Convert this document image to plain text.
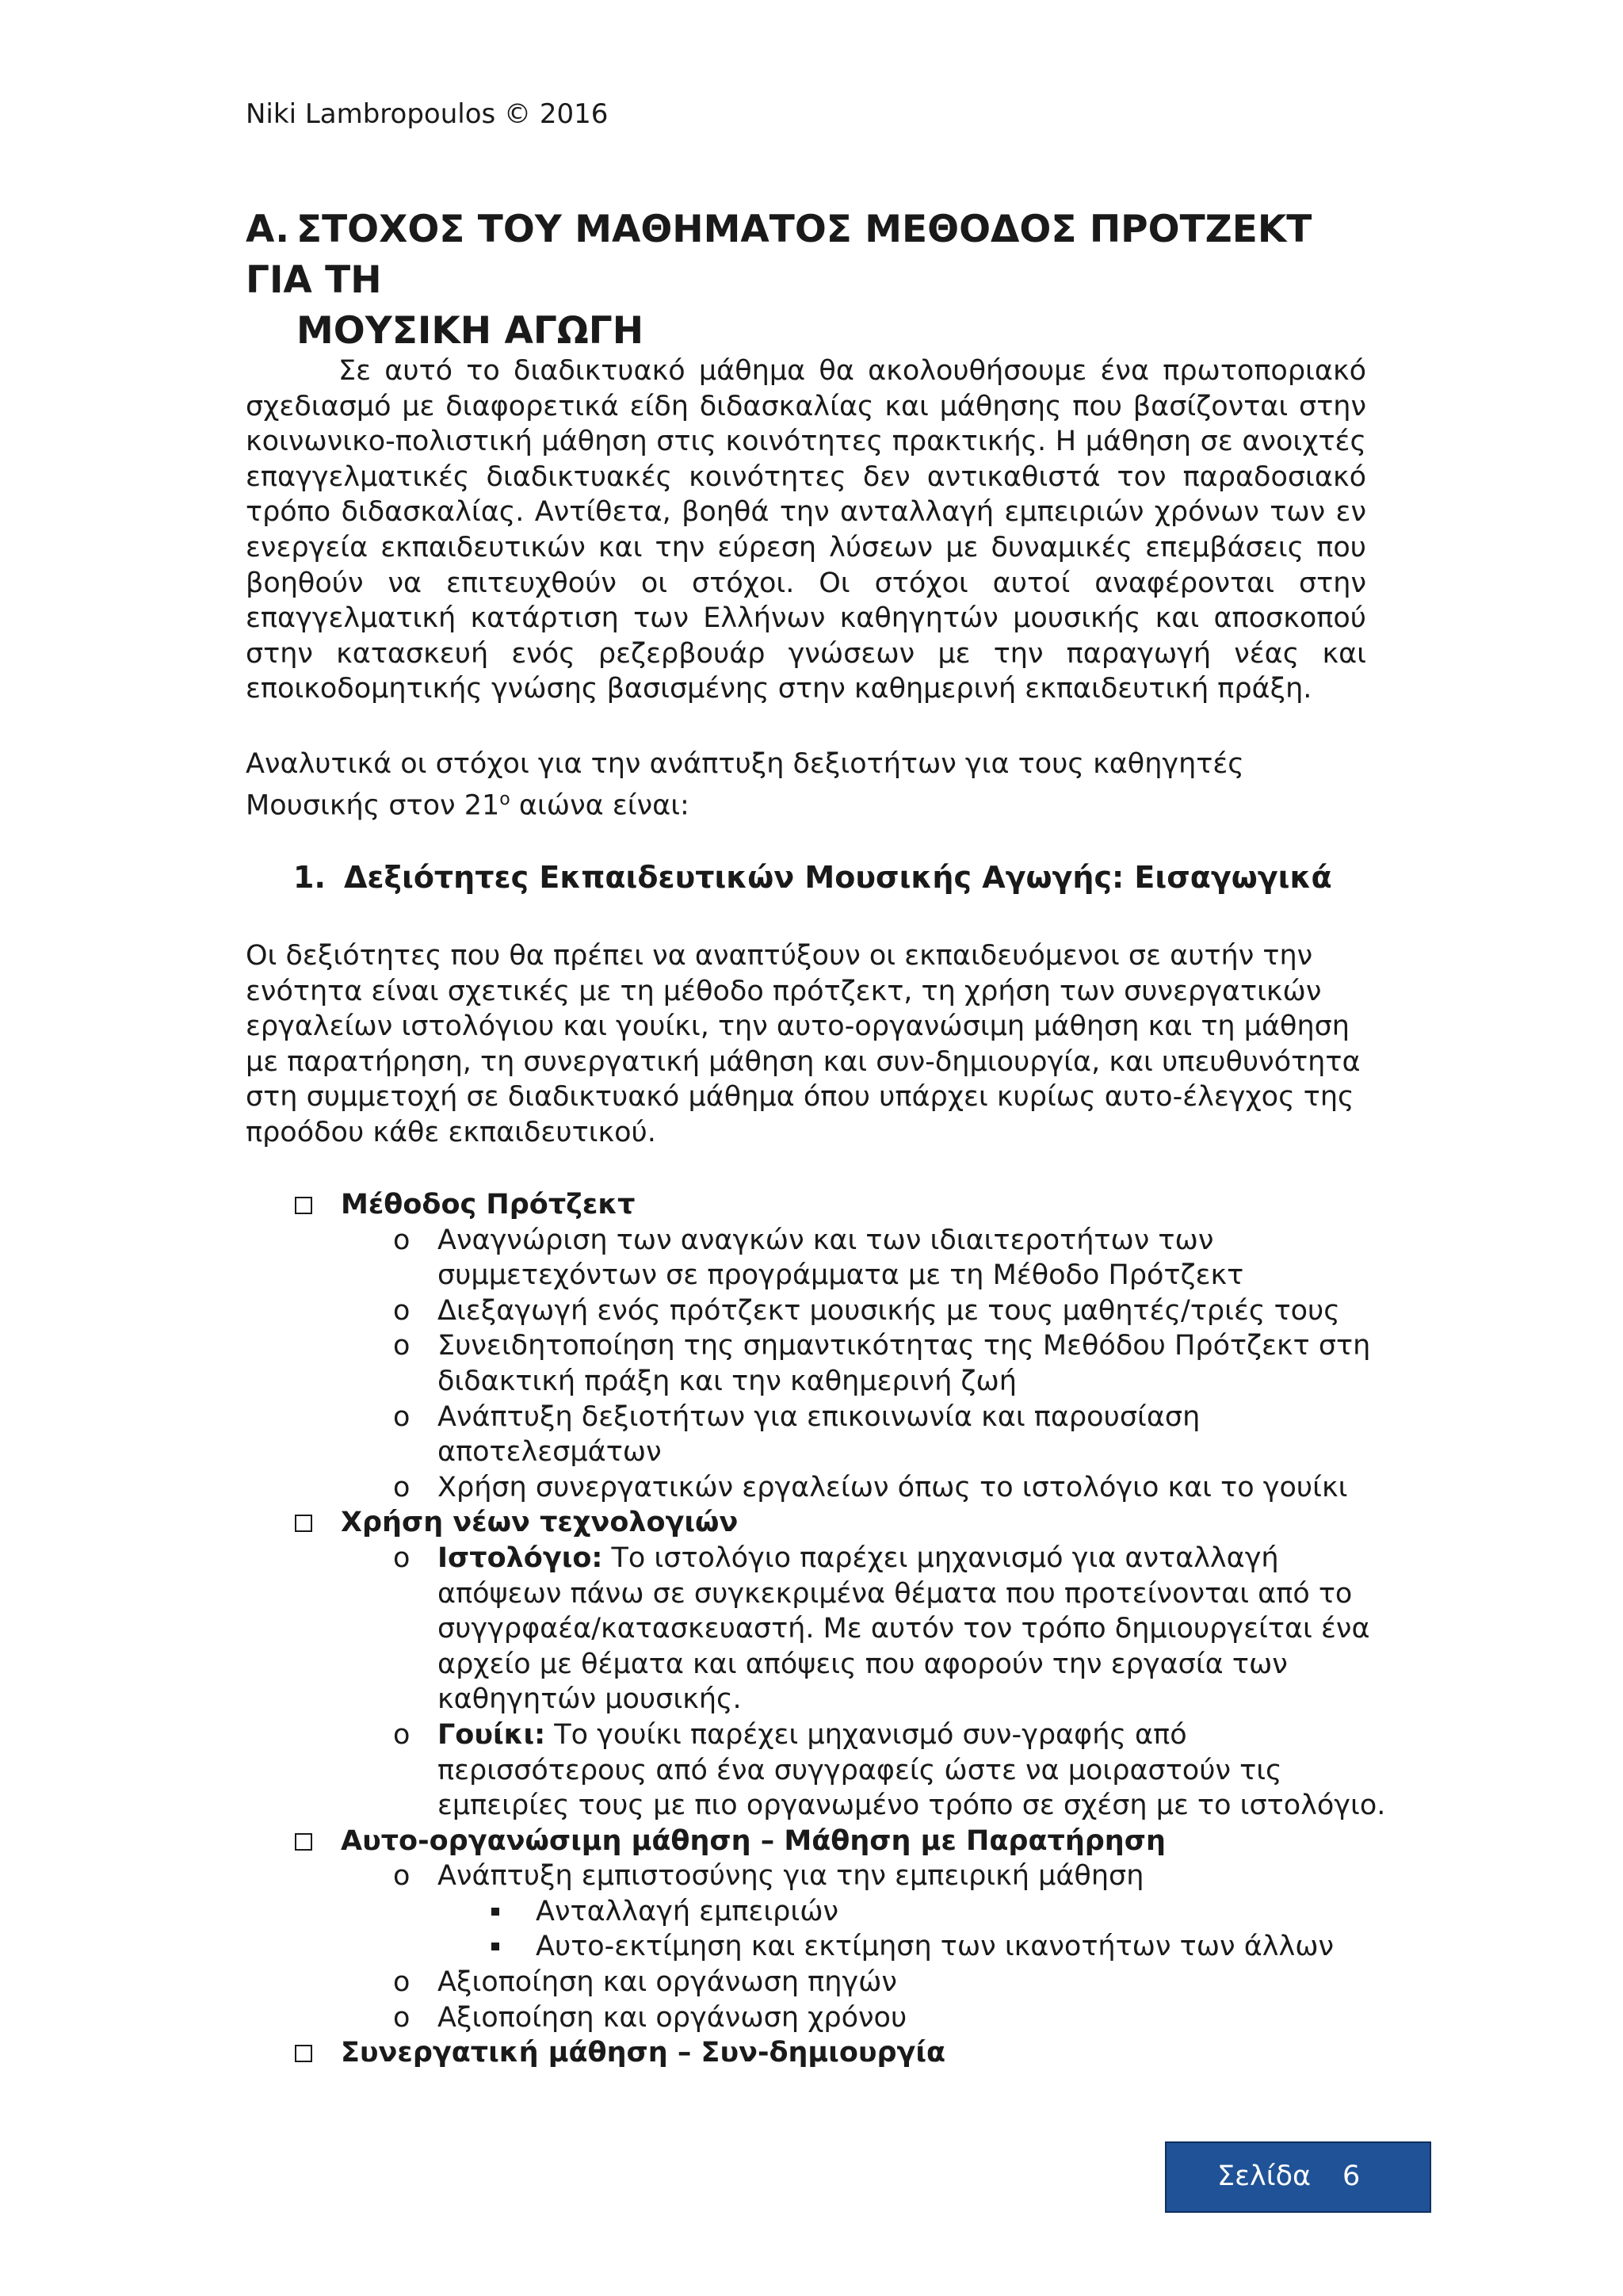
Niki Lambropoulos © 2016
A. ΣΤΟΧΟΣ ΤΟΥ ΜΑΘΗΜΑΤΟΣ ΜΕΘΟΔΟΣ ΠΡΟΤΖΕΚΤ ΓΙΑ ΤΗ
ΜΟΥΣΙΚΗ ΑΓΩΓΗ

Σε αυτό το διαδικτυακό μάθημα θα ακολουθήσουμε ένα πρωτοποριακό σχεδιασμό με διαφορετικά είδη διδασκαλίας και μάθησης που βασίζονται στην κοινωνικο-πολιστική μάθηση στις κοινότητες πρακτικής. Η μάθηση σε ανοιχτές επαγγελματικές διαδικτυακές κοινότητες δεν αντικαθιστά τον παραδοσιακό τρόπο διδασκαλίας. Αντίθετα, βοηθά την ανταλλαγή εμπειριών χρόνων των εν ενεργεία εκπαιδευτικών και την εύρεση λύσεων με δυναμικές επεμβάσεις που βοηθούν να επιτευχθούν οι στόχοι. Οι στόχοι αυτοί αναφέρονται στην επαγγελματική κατάρτιση των Ελλήνων καθηγητών μουσικής και αποσκοπού στην κατασκευή ενός ρεζερβουάρ γνώσεων με την παραγωγή νέας και εποικοδομητικής γνώσης βασισμένης στην καθημερινή εκπαιδευτική πράξη.

Αναλυτικά οι στόχοι για την ανάπτυξη δεξιοτήτων για τους καθηγητές Μουσικής στον $21^o$ αιώνα είναι:

1. Δεξιότητες Εκπαιδευτικών Μουσικής Αγωγής: Εισαγωγικά

Οι δεξιότητες που θα πρέπει να αναπτύξουν οι εκπαιδευόμενοι σε αυτήν την ενότητα είναι σχετικές με τη μέθοδο πρότζεκτ, τη χρήση των συνεργατικών εργαλείων ιστολόγιου και γουίκι, την αυτο-οργανώσιμη μάθηση και τη μάθηση με παρατήρηση, τη συνεργατική μάθηση και συν-δημιουργία, και υπευθυνότητα στη συμμετοχή σε διαδικτυακό μάθημα όπου υπάρχει κυρίως αυτο-έλεγχος της προόδου κάθε εκπαιδευτικού.

Μέθοδος Πρότζεκτ
o Αναγνώριση των αναγκών και των ιδιαιτεροτήτων των συμμετεχόντων σε προγράμματα με τη Μέθοδο Πρότζεκτ
o Διεξαγωγή ενός πρότζεκτ μουσικής με τους μαθητές/τριές τους
o Συνειδητοποίηση της σημαντικότητας της Μεθόδου Πρότζεκτ στη διδακτική πράξη και την καθημερινή ζωή
o Ανάπτυξη δεξιοτήτων για επικοινωνία και παρουσίαση αποτελεσμάτων
o Χρήση συνεργατικών εργαλείων όπως το ιστολόγιο και το γουίκι
Χρήση νέων τεχνολογιών
o Ιστολόγιο: Το ιστολόγιο παρέχει μηχανισμό για ανταλλαγή απόψεων πάνω σε συγκεκριμένα θέματα που προτείνονται από το συγγρφαέα/κατασκευαστή. Με αυτόν τον τρόπο δημιουργείται ένα αρχείο με θέματα και απόψεις που αφορούν την εργασία των καθηγητών μουσικής.
o Γουίκι: Το γουίκι παρέχει μηχανισμό συν-γραφής από περισσότερους από ένα συγγραφείς ώστε να μοιραστούν τις εμπειρίες τους με πιο οργανωμένο τρόπο σε σχέση με το ιστολόγιο.
Αυτο-οργανώσιμη μάθηση – Μάθηση με Παρατήρηση
o Ανάπτυξη εμπιστοσύνης για την εμπειρική μάθηση
Ανταλλαγή εμπειριών
Αυτο-εκτίμηση και εκτίμηση των ικανοτήτων των άλλων
o Αξιοποίηση και οργάνωση πηγών
o Αξιοποίηση και οργάνωση χρόνου
Συνεργατική μάθηση – Συν-δημιουργία
Σελίδα 6
